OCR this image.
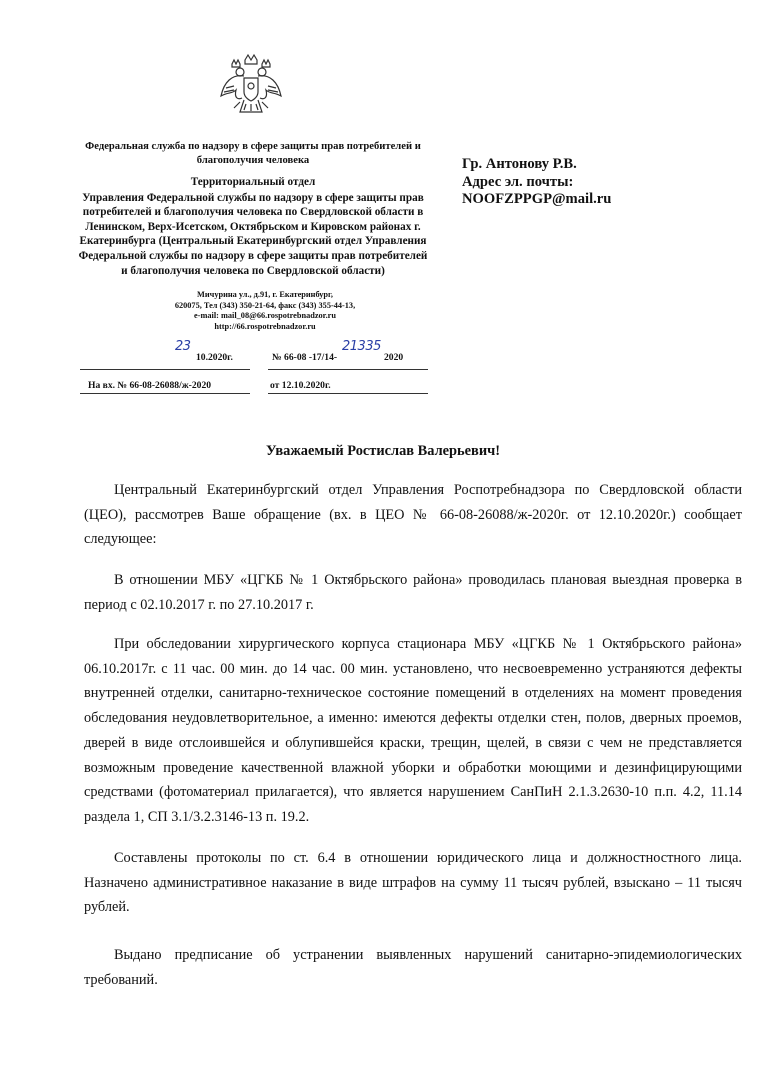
Федеральная служба по надзору в сфере защиты прав потребителей и благополучия человека
Территориальный отдел
Управления Федеральной службы по надзору в сфере защиты прав потребителей и благополучия человека по Свердловской области в Ленинском, Верх-Исетском, Октябрьском и Кировском районах г. Екатеринбурга (Центральный Екатеринбургский отдел Управления Федеральной службы по надзору в сфере защиты прав потребителей и благополучия человека по Свердловской области)
Мичурина ул., д.91, г. Екатеринбург,
620075, Тел (343) 350-21-64, факс (343) 355-44-13,
e-mail: mail_08@66.rospotrebnadzor.ru
http://66.rospotrebnadzor.ru
23
10.2020г.	№ 66-08 -17/14-
21335
2020
На вх. № 66-08-26088/ж-2020	от 12.10.2020г.
Гр. Антонову Р.В.
Адрес эл. почты:
NOOFZPPGP@mail.ru
Уважаемый Ростислав Валерьевич!

Центральный Екатеринбургский отдел Управления Роспотребнадзора по Свердловской области (ЦЕО), рассмотрев Ваше обращение (вх. в ЦЕО № 66-08-26088/ж-2020г. от 12.10.2020г.) сообщает следующее:

В отношении МБУ «ЦГКБ № 1 Октябрьского района» проводилась плановая выездная проверка в период с 02.10.2017 г. по 27.10.2017 г.

При обследовании хирургического корпуса стационара МБУ «ЦГКБ № 1 Октябрьского района» 06.10.2017г. с 11 час. 00 мин. до 14 час. 00 мин. установлено, что несвоевременно устраняются дефекты внутренней отделки, санитарно-техническое состояние помещений в отделениях на момент проведения обследования неудовлетворительное, а именно: имеются дефекты отделки стен, полов, дверных проемов, дверей в виде отслоившейся и облупившейся краски, трещин, щелей, в связи с чем не представляется возможным проведение качественной влажной уборки и обработки моющими и дезинфицирующими средствами (фотоматериал прилагается), что является нарушением СанПиН 2.1.3.2630-10 п.п. 4.2, 11.14 раздела 1, СП 3.1/3.2.3146-13 п. 19.2.

Составлены протоколы по ст. 6.4 в отношении юридического лица и должностностного лица. Назначено административное наказание в виде штрафов на сумму 11 тысяч рублей, взыскано – 11 тысяч рублей.

Выдано предписание об устранении выявленных нарушений санитарно-эпидемиологических требований.
